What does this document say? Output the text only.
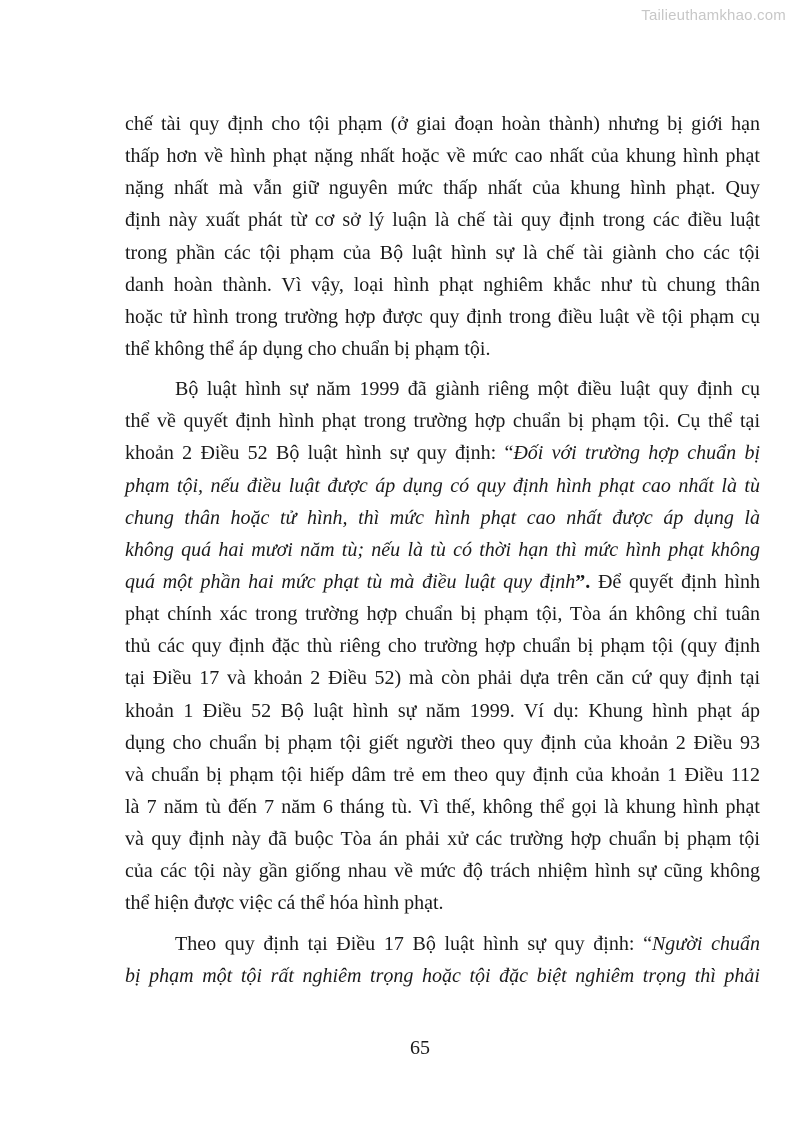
Tailieuthamkhao.com
chế tài quy định cho tội phạm (ở giai đoạn hoàn thành) nhưng bị giới hạn
thấp hơn về hình phạt nặng nhất hoặc về mức cao nhất của khung hình phạt
nặng nhất mà vẫn giữ nguyên mức thấp nhất của khung hình phạt. Quy
định này xuất phát từ cơ sở lý luận là chế tài quy định trong các điều luật
trong phần các tội phạm của Bộ luật hình sự là chế tài giành cho các tội
danh hoàn thành. Vì vậy, loại hình phạt nghiêm khắc như tù chung thân
hoặc tử hình trong trường hợp được quy định trong điều luật về tội phạm cụ
thể không thể áp dụng cho chuẩn bị phạm tội.
Bộ luật hình sự năm 1999 đã giành riêng một điều luật quy định cụ
thể về quyết định hình phạt trong trường hợp chuẩn bị phạm tội. Cụ thể tại
khoản 2 Điều 52 Bộ luật hình sự quy định: “Đối với trường hợp chuẩn bị
phạm tội, nếu điều luật được áp dụng có quy định hình phạt cao nhất là tù
chung thân hoặc tử hình, thì mức hình phạt cao nhất được áp dụng là
không quá hai mươi năm tù; nếu là tù có thời hạn thì mức hình phạt không
quá một phần hai mức phạt tù mà điều luật quy định”. Để quyết định hình
phạt chính xác trong trường hợp chuẩn bị phạm tội, Tòa án không chỉ tuân
thủ các quy định đặc thù riêng cho trường hợp chuẩn bị phạm tội (quy định
tại Điều 17 và khoản 2 Điều 52) mà còn phải dựa trên căn cứ quy định tại
khoản 1 Điều 52 Bộ luật hình sự năm 1999. Ví dụ: Khung hình phạt áp
dụng cho chuẩn bị phạm tội giết người theo quy định của khoản 2 Điều 93
và chuẩn bị phạm tội hiếp dâm trẻ em theo quy định của khoản 1 Điều 112
là 7 năm tù đến 7 năm 6 tháng tù. Vì thế, không thể gọi là khung hình phạt
và quy định này đã buộc Tòa án phải xử các trường hợp chuẩn bị phạm tội
của các tội này gần giống nhau về mức độ trách nhiệm hình sự cũng không
thể hiện được việc cá thể hóa hình phạt.
Theo quy định tại Điều 17 Bộ luật hình sự quy định: “Người chuẩn
bị phạm một tội rất nghiêm trọng hoặc tội đặc biệt nghiêm trọng thì phải
65
